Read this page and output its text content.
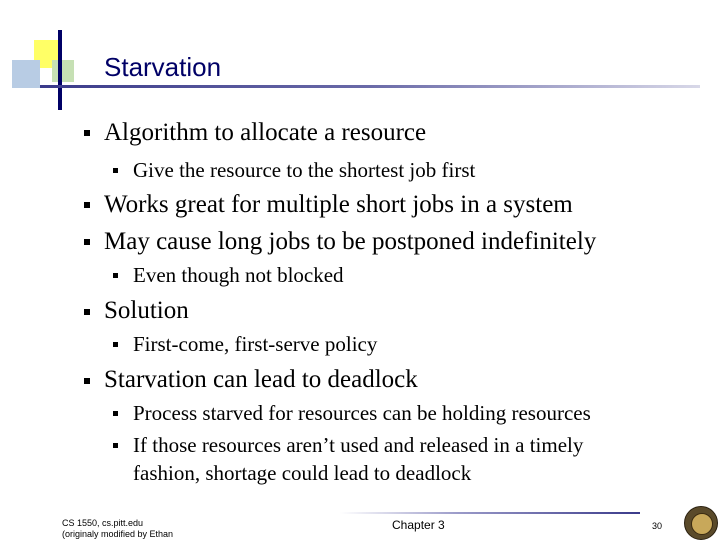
Starvation
Algorithm to allocate a resource
Give the resource to the shortest job first
Works great for multiple short jobs in a system
May cause long jobs to be postponed indefinitely
Even though not blocked
Solution
First-come, first-serve policy
Starvation can lead to deadlock
Process starved for resources can be holding resources
If those resources aren’t used and released in a timely
fashion, shortage could lead to deadlock
CS 1550, cs.pitt.edu
(originaly modified by Ethan
Chapter 3	30
